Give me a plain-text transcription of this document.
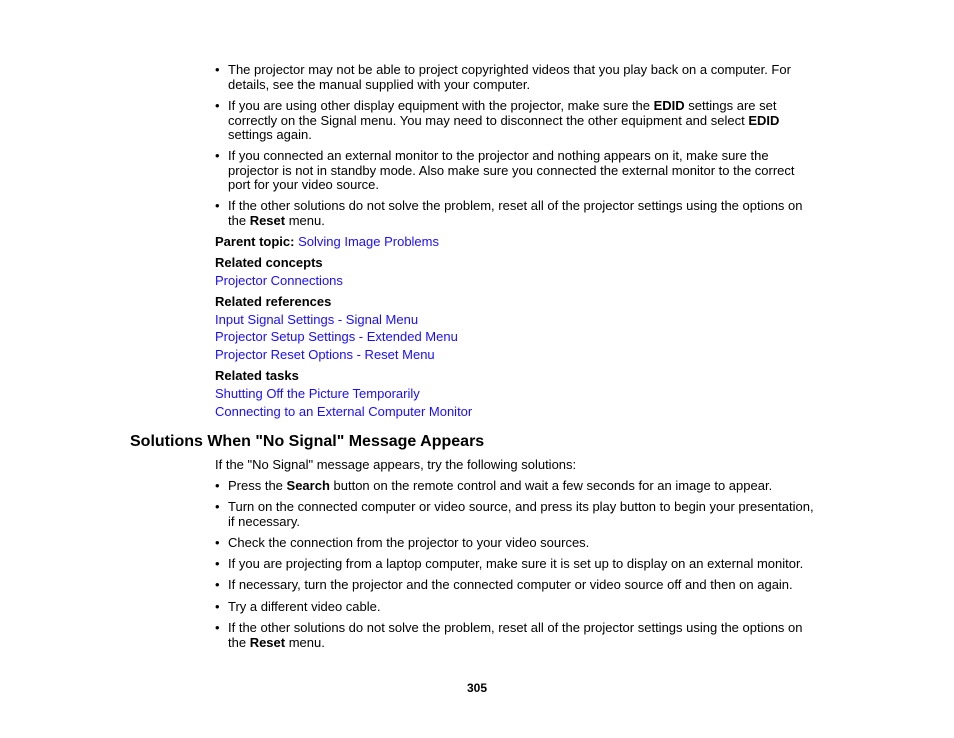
• The projector may not be able to project copyrighted videos that you play back on a computer. For
details, see the manual supplied with your computer.
• If you are using other display equipment with the projector, make sure the EDID settings are set
correctly on the Signal menu. You may need to disconnect the other equipment and select EDID
settings again.
• If you connected an external monitor to the projector and nothing appears on it, make sure the
projector is not in standby mode. Also make sure you connected the external monitor to the correct
port for your video source.
• If the other solutions do not solve the problem, reset all of the projector settings using the options on
the Reset menu.
Parent topic: Solving Image Problems
Related concepts
Projector Connections
Related references
Input Signal Settings - Signal Menu
Projector Setup Settings - Extended Menu
Projector Reset Options - Reset Menu
Related tasks
Shutting Off the Picture Temporarily
Connecting to an External Computer Monitor
Solutions When "No Signal" Message Appears
If the "No Signal" message appears, try the following solutions:
• Press the Search button on the remote control and wait a few seconds for an image to appear.
• Turn on the connected computer or video source, and press its play button to begin your presentation,
if necessary.
• Check the connection from the projector to your video sources.
• If you are projecting from a laptop computer, make sure it is set up to display on an external monitor.
• If necessary, turn the projector and the connected computer or video source off and then on again.
• Try a different video cable.
• If the other solutions do not solve the problem, reset all of the projector settings using the options on
the Reset menu.
305
